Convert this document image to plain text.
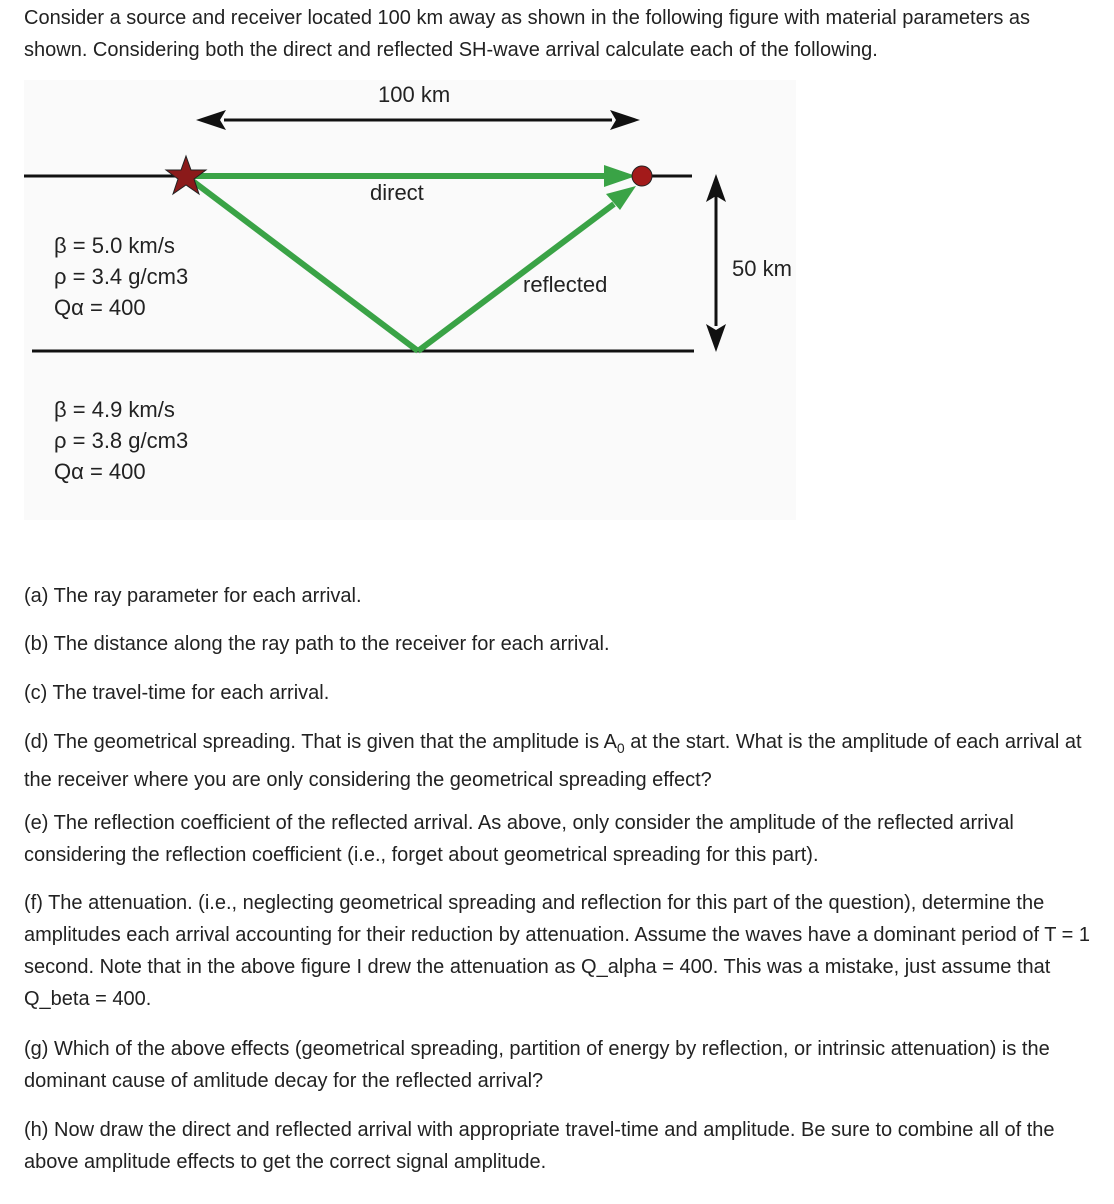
Consider a source and receiver located 100 km away as shown in the following figure with material parameters as shown. Considering both the direct and reflected SH-wave arrival calculate each of the following.
100 km
direct
reflected
50 km
β = 5.0 km/s
ρ = 3.4 g/cm3
Qα = 400
β = 4.9 km/s
ρ = 3.8 g/cm3
Qα = 400
(a) The ray parameter for each arrival.
(b) The distance along the ray path to the receiver for each arrival.
(c) The travel-time for each arrival.
(d) The geometrical spreading. That is given that the amplitude is $A_0$ at the start. What is the amplitude of each arrival at the receiver where you are only considering the geometrical spreading effect?
(e) The reflection coefficient of the reflected arrival. As above, only consider the amplitude of the reflected arrival considering the reflection coefficient (i.e., forget about geometrical spreading for this part).
(f) The attenuation. (i.e., neglecting geometrical spreading and reflection for this part of the question), determine the amplitudes each arrival accounting for their reduction by attenuation. Assume the waves have a dominant period of T = 1 second. Note that in the above figure I drew the attenuation as Q_alpha = 400. This was a mistake, just assume that Q_beta = 400.
(g) Which of the above effects (geometrical spreading, partition of energy by reflection, or intrinsic attenuation) is the dominant cause of amlitude decay for the reflected arrival?
(h) Now draw the direct and reflected arrival with appropriate travel-time and amplitude. Be sure to combine all of the above amplitude effects to get the correct signal amplitude.
